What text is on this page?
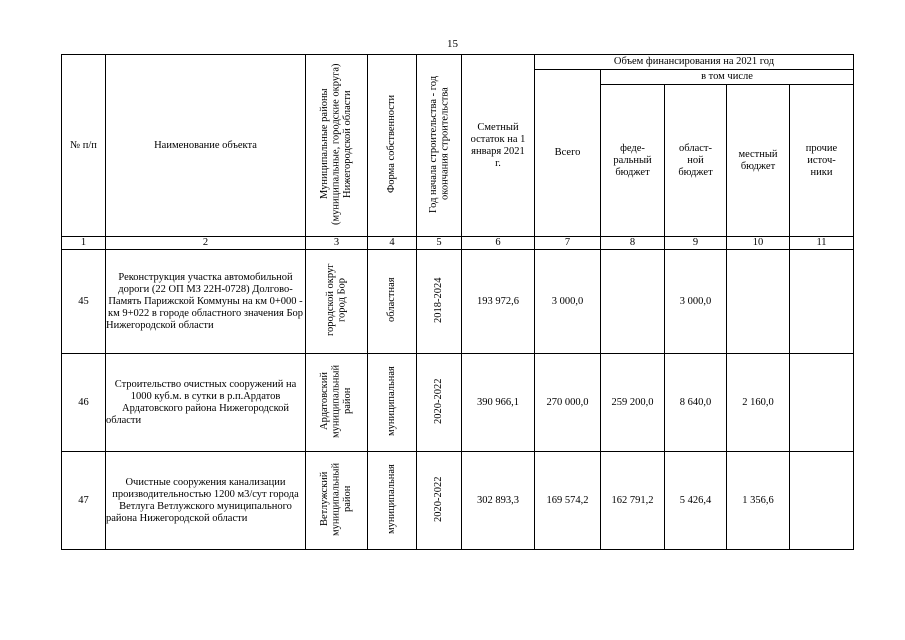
15
№ п/п	Наименование объекта	Муниципальные районы (муниципальные, городские округа) Нижегородской области	Форма собственности	Год начала строительства - год окончания строительства	Сметный остаток на 1 января 2021 г.	Объем финансирования на 2021 год				
						Всего	в том числе			
							феде-ральный бюджет	област-ной бюджет	местный бюджет	прочие источ-ники
1	2	3	4	5	6	7	8	9	10	11
45	Реконструкция участка автомобильной дороги (22 ОП МЗ 22Н-0728) Долгово-Память Парижской Коммуны на км 0+000 - км 9+022 в городе областного значения Бор Нижегородской области	городской округ город Бор	областная	2018-2024	193 972,6	3 000,0		3 000,0		
46	Строительство очистных сооружений на 1000 куб.м. в сутки в р.п.Ардатов Ардатовского района Нижегородской области	Ардатовский муниципальный район	муниципальная	2020-2022	390 966,1	270 000,0	259 200,0	8 640,0	2 160,0	
47	Очистные сооружения канализации производительностью 1200 м3/сут города Ветлуга Ветлужского муниципального района Нижегородской области	Ветлужский муниципальный район	муниципальная	2020-2022	302 893,3	169 574,2	162 791,2	5 426,4	1 356,6	
